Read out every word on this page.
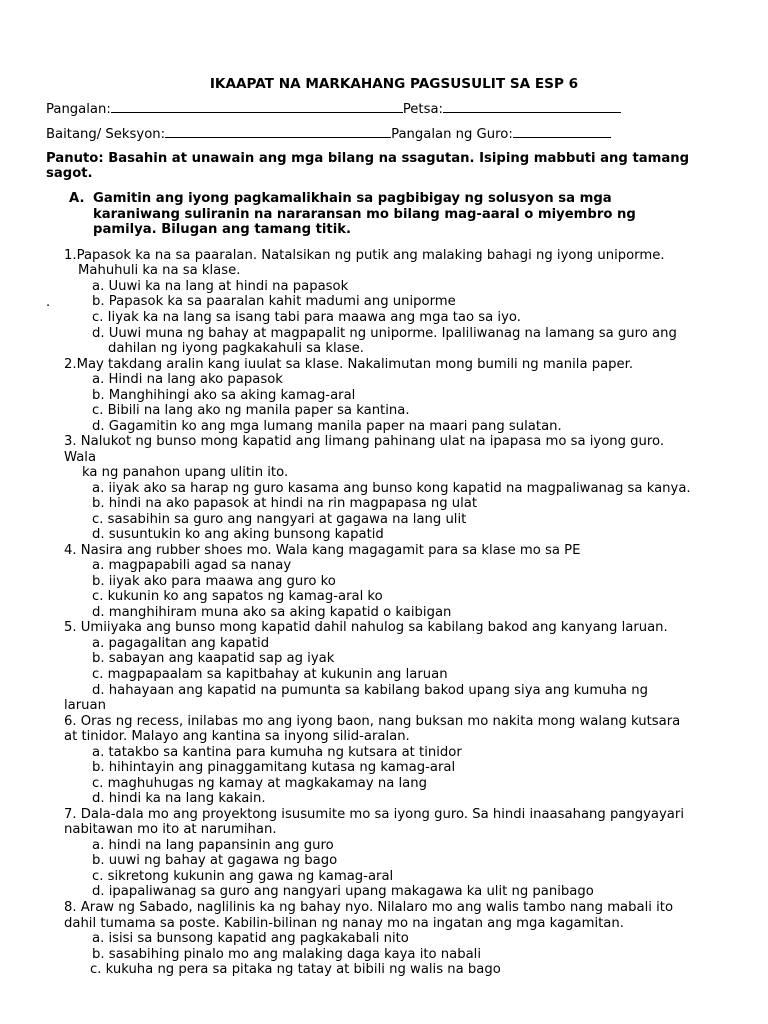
IKAAPAT NA MARKAHANG PAGSUSULIT SA ESP 6
Pangalan:	Petsa:
Baitang/ Seksyon:	Pangalan ng Guro:
Panuto: Basahin at unawain ang mga bilang na ssagutan. Isiping mabbuti ang tamang
sagot.
A. Gamitin ang iyong pagkamalikhain sa pagbibigay ng solusyon sa mga
karaniwang suliranin na nararansan mo bilang mag-aaral o miyembro ng
pamilya. Bilugan ang tamang titik.
.
1.Papasok ka na sa paaralan. Natalsikan ng putik ang malaking bahagi ng iyong uniporme.
Mahuhuli ka na sa klase.
a. Uuwi ka na lang at hindi na papasok
b. Papasok ka sa paaralan kahit madumi ang uniporme
c. Iiyak ka na lang sa isang tabi para maawa ang mga tao sa iyo.
d. Uuwi muna ng bahay at magpapalit ng uniporme. Ipaliliwanag na lamang sa guro ang
dahilan ng iyong pagkakahuli sa klase.
2.May takdang aralin kang iuulat sa klase. Nakalimutan mong bumili ng manila paper.
a. Hindi na lang ako papasok
b. Manghihingi ako sa aking kamag-aral
c. Bibili na lang ako ng manila paper sa kantina.
d. Gagamitin ko ang mga lumang manila paper na maari pang sulatan.
3. Nalukot ng bunso mong kapatid ang limang pahinang ulat na ipapasa mo sa iyong guro.
Wala
ka ng panahon upang ulitin ito.
a. iiyak ako sa harap ng guro kasama ang bunso kong kapatid na magpaliwanag sa kanya.
b. hindi na ako papasok at hindi na rin magpapasa ng ulat
c. sasabihin sa guro ang nangyari at gagawa na lang ulit
d. susuntukin ko ang aking bunsong kapatid
4. Nasira ang rubber shoes mo. Wala kang magagamit para sa klase mo sa PE
a. magpapabili agad sa nanay
b. iiyak ako para maawa ang guro ko
c. kukunin ko ang sapatos ng kamag-aral ko
d. manghihiram muna ako sa aking kapatid o kaibigan
5. Umiiyaka ang bunso mong kapatid dahil nahulog sa kabilang bakod ang kanyang laruan.
a. pagagalitan ang kapatid
b. sabayan ang kaapatid sap ag iyak
c. magpapaalam sa kapitbahay at kukunin ang laruan
d. hahayaan ang kapatid na pumunta sa kabilang bakod upang siya ang kumuha ng
laruan
6. Oras ng recess, inilabas mo ang iyong baon, nang buksan mo nakita mong walang kutsara
at tinidor. Malayo ang kantina sa inyong silid-aralan.
a. tatakbo sa kantina para kumuha ng kutsara at tinidor
b. hihintayin ang pinaggamitang kutasa ng kamag-aral
c. maghuhugas ng kamay at magkakamay na lang
d. hindi ka na lang kakain.
7. Dala-dala mo ang proyektong isusumite mo sa iyong guro. Sa hindi inaasahang pangyayari
nabitawan mo ito at narumihan.
a. hindi na lang papansinin ang guro
b. uuwi ng bahay at gagawa ng bago
c. sikretong kukunin ang gawa ng kamag-aral
d. ipapaliwanag sa guro ang nangyari upang makagawa ka ulit ng panibago
8. Araw ng Sabado, naglilinis ka ng bahay nyo. Nilalaro mo ang walis tambo nang mabali ito
dahil tumama sa poste. Kabilin-bilinan ng nanay mo na ingatan ang mga kagamitan.
a. isisi sa bunsong kapatid ang pagkakabali nito
b. sasabihing pinalo mo ang malaking daga kaya ito nabali
c. kukuha ng pera sa pitaka ng tatay at bibili ng walis na bago
